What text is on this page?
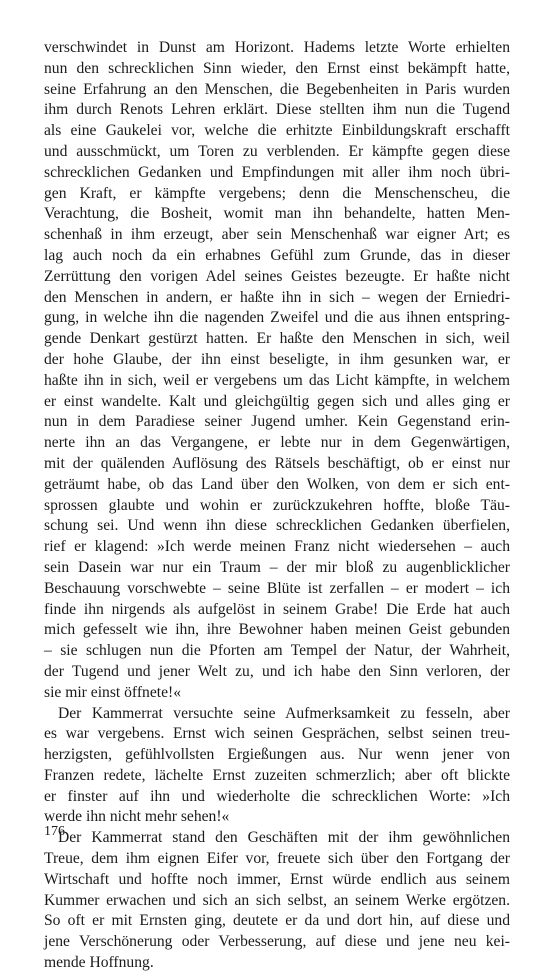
verschwindet in Dunst am Horizont. Hadems letzte Worte erhielten
nun den schrecklichen Sinn wieder, den Ernst einst bekämpft hatte,
seine Erfahrung an den Menschen, die Begebenheiten in Paris wurden
ihm durch Renots Lehren erklärt. Diese stellten ihm nun die Tugend
als eine Gaukelei vor, welche die erhitzte Einbildungskraft erschafft
und ausschmückt, um Toren zu verblenden. Er kämpfte gegen diese
schrecklichen Gedanken und Empfindungen mit aller ihm noch übri-
gen Kraft, er kämpfte vergebens; denn die Menschenscheu, die
Verachtung, die Bosheit, womit man ihn behandelte, hatten Men-
schenhaß in ihm erzeugt, aber sein Menschenhaß war eigner Art; es
lag auch noch da ein erhabnes Gefühl zum Grunde, das in dieser
Zerrüttung den vorigen Adel seines Geistes bezeugte. Er haßte nicht
den Menschen in andern, er haßte ihn in sich – wegen der Erniedri-
gung, in welche ihn die nagenden Zweifel und die aus ihnen entspring-
gende Denkart gestürzt hatten. Er haßte den Menschen in sich, weil
der hohe Glaube, der ihn einst beseligte, in ihm gesunken war, er
haßte ihn in sich, weil er vergebens um das Licht kämpfte, in welchem
er einst wandelte. Kalt und gleichgültig gegen sich und alles ging er
nun in dem Paradiese seiner Jugend umher. Kein Gegenstand erin-
nerte ihn an das Vergangene, er lebte nur in dem Gegenwärtigen,
mit der quälenden Auflösung des Rätsels beschäftigt, ob er einst nur
geträumt habe, ob das Land über den Wolken, von dem er sich ent-
sprossen glaubte und wohin er zurückzukehren hoffte, bloße Täu-
schung sei. Und wenn ihn diese schrecklichen Gedanken überfielen,
rief er klagend: »Ich werde meinen Franz nicht wiedersehen – auch
sein Dasein war nur ein Traum – der mir bloß zu augenblicklicher
Beschauung vorschwebte – seine Blüte ist zerfallen – er modert – ich
finde ihn nirgends als aufgelöst in seinem Grabe! Die Erde hat auch
mich gefesselt wie ihn, ihre Bewohner haben meinen Geist gebunden
– sie schlugen nun die Pforten am Tempel der Natur, der Wahrheit,
der Tugend und jener Welt zu, und ich habe den Sinn verloren, der
sie mir einst öffnete!«
Der Kammerrat versuchte seine Aufmerksamkeit zu fesseln, aber
es war vergebens. Ernst wich seinen Gesprächen, selbst seinen treu-
herzigsten, gefühlvollsten Ergießungen aus. Nur wenn jener von
Franzen redete, lächelte Ernst zuzeiten schmerzlich; aber oft blickte
er finster auf ihn und wiederholte die schrecklichen Worte: »Ich
werde ihn nicht mehr sehen!«
Der Kammerrat stand den Geschäften mit der ihm gewöhnlichen
Treue, dem ihm eignen Eifer vor, freuete sich über den Fortgang der
Wirtschaft und hoffte noch immer, Ernst würde endlich aus seinem
Kummer erwachen und sich an sich selbst, an seinem Werke ergötzen.
So oft er mit Ernsten ging, deutete er da und dort hin, auf diese und
jene Verschönerung oder Verbesserung, auf diese und jene neu kei-
mende Hoffnung.
176
